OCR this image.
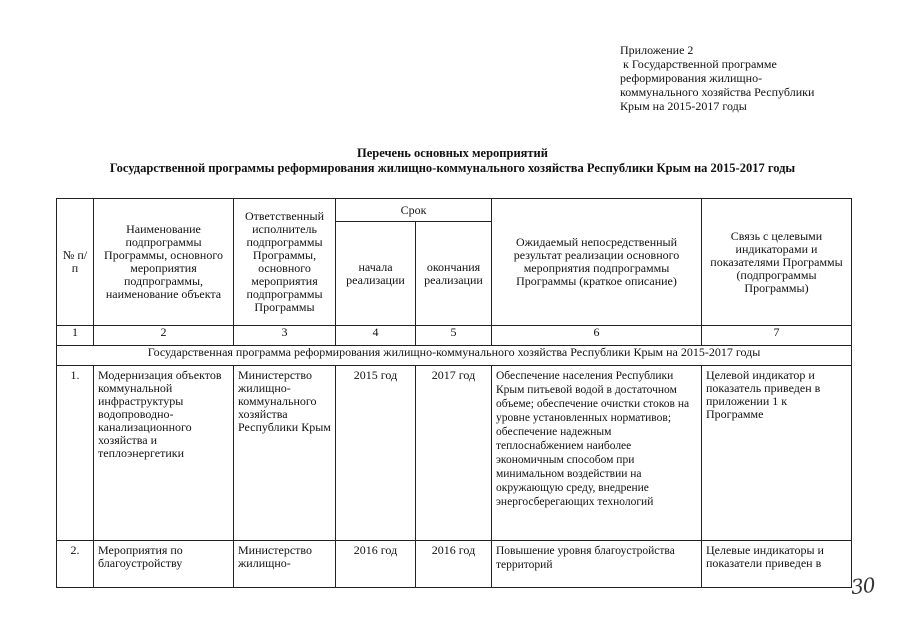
Приложение 2
к Государственной программе
реформирования жилищно-
коммунального хозяйства Республики
Крым на 2015-2017 годы
Перечень основных мероприятий
Государственной программы реформирования жилищно-коммунального хозяйства Республики Крым на 2015-2017 годы
№ п/п	Наименование подпрограммы Программы, основного мероприятия подпрограммы, наименование объекта	Ответственный исполнитель подпрограммы Программы, основного мероприятия подпрограммы Программы	Срок		Ожидаемый непосредственный результат реализации основного мероприятия подпрограммы Программы (краткое описание)	Связь с целевыми индикаторами и показателями Программы (подпрограммы Программы)
			начала реализации	окончания реализации		
1	2	3	4	5	6	7
Государственная программа реформирования жилищно-коммунального хозяйства Республики Крым на 2015-2017 годы						
1.	Модернизация объектов коммунальной инфраструктуры водопроводно-канализационного хозяйства и теплоэнергетики	Министерство жилищно-коммунального хозяйства Республики Крым	2015 год	2017 год	Обеспечение населения Республики Крым питьевой водой в достаточном объеме; обеспечение очистки стоков на уровне установленных нормативов; обеспечение надежным теплоснабжением наиболее экономичным способом при минимальном воздействии на окружающую среду, внедрение энергосберегающих технологий	Целевой индикатор и показатель приведен в приложении 1 к Программе
2.	Мероприятия по благоустройству	Министерство жилищно-	2016 год	2016 год	Повышение уровня благоустройства территорий	Целевые индикаторы и показатели приведен в
30
